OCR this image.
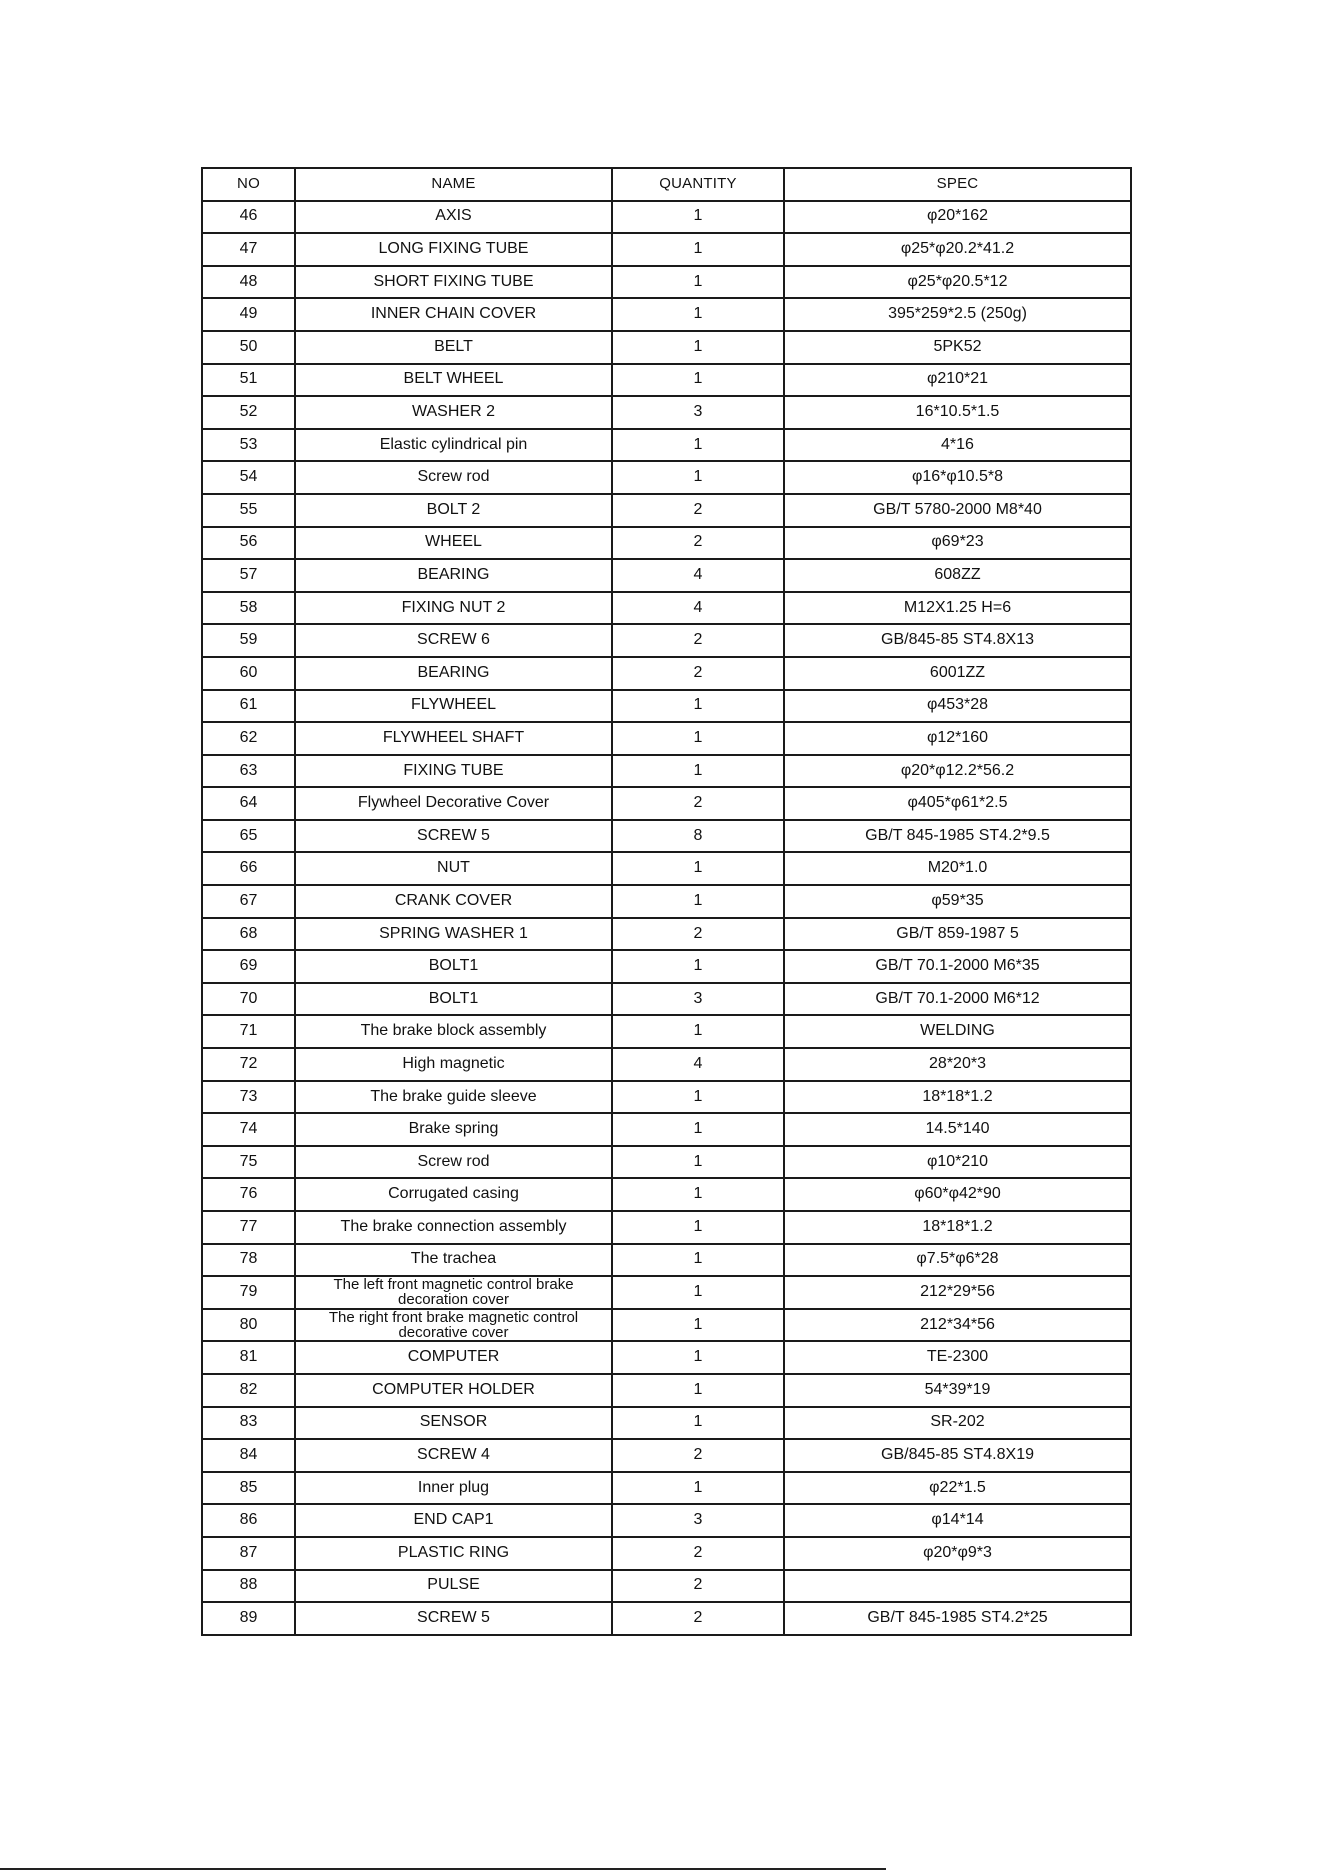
NO	NAME	QUANTITY	SPEC
46	AXIS	1	φ20*162
47	LONG FIXING TUBE	1	φ25*φ20.2*41.2
48	SHORT FIXING TUBE	1	φ25*φ20.5*12
49	INNER CHAIN COVER	1	395*259*2.5 (250g)
50	BELT	1	5PK52
51	BELT WHEEL	1	φ210*21
52	WASHER 2	3	16*10.5*1.5
53	Elastic cylindrical pin	1	4*16
54	Screw rod	1	φ16*φ10.5*8
55	BOLT 2	2	GB/T 5780-2000 M8*40
56	WHEEL	2	φ69*23
57	BEARING	4	608ZZ
58	FIXING NUT 2	4	M12X1.25 H=6
59	SCREW 6	2	GB/845-85 ST4.8X13
60	BEARING	2	6001ZZ
61	FLYWHEEL	1	φ453*28
62	FLYWHEEL SHAFT	1	φ12*160
63	FIXING TUBE	1	φ20*φ12.2*56.2
64	Flywheel Decorative Cover	2	φ405*φ61*2.5
65	SCREW 5	8	GB/T 845-1985 ST4.2*9.5
66	NUT	1	M20*1.0
67	CRANK COVER	1	φ59*35
68	SPRING WASHER 1	2	GB/T 859-1987 5
69	BOLT1	1	GB/T 70.1-2000 M6*35
70	BOLT1	3	GB/T 70.1-2000 M6*12
71	The brake block assembly	1	WELDING
72	High magnetic	4	28*20*3
73	The brake guide sleeve	1	18*18*1.2
74	Brake spring	1	14.5*140
75	Screw rod	1	φ10*210
76	Corrugated casing	1	φ60*φ42*90
77	The brake connection assembly	1	18*18*1.2
78	The trachea	1	φ7.5*φ6*28
79	The left front magnetic control brake decoration cover	1	212*29*56
80	The right front brake magnetic control decorative cover	1	212*34*56
81	COMPUTER	1	TE-2300
82	COMPUTER HOLDER	1	54*39*19
83	SENSOR	1	SR-202
84	SCREW 4	2	GB/845-85 ST4.8X19
85	Inner plug	1	φ22*1.5
86	END CAP1	3	φ14*14
87	PLASTIC RING	2	φ20*φ9*3
88	PULSE	2	
89	SCREW 5	2	GB/T 845-1985 ST4.2*25
